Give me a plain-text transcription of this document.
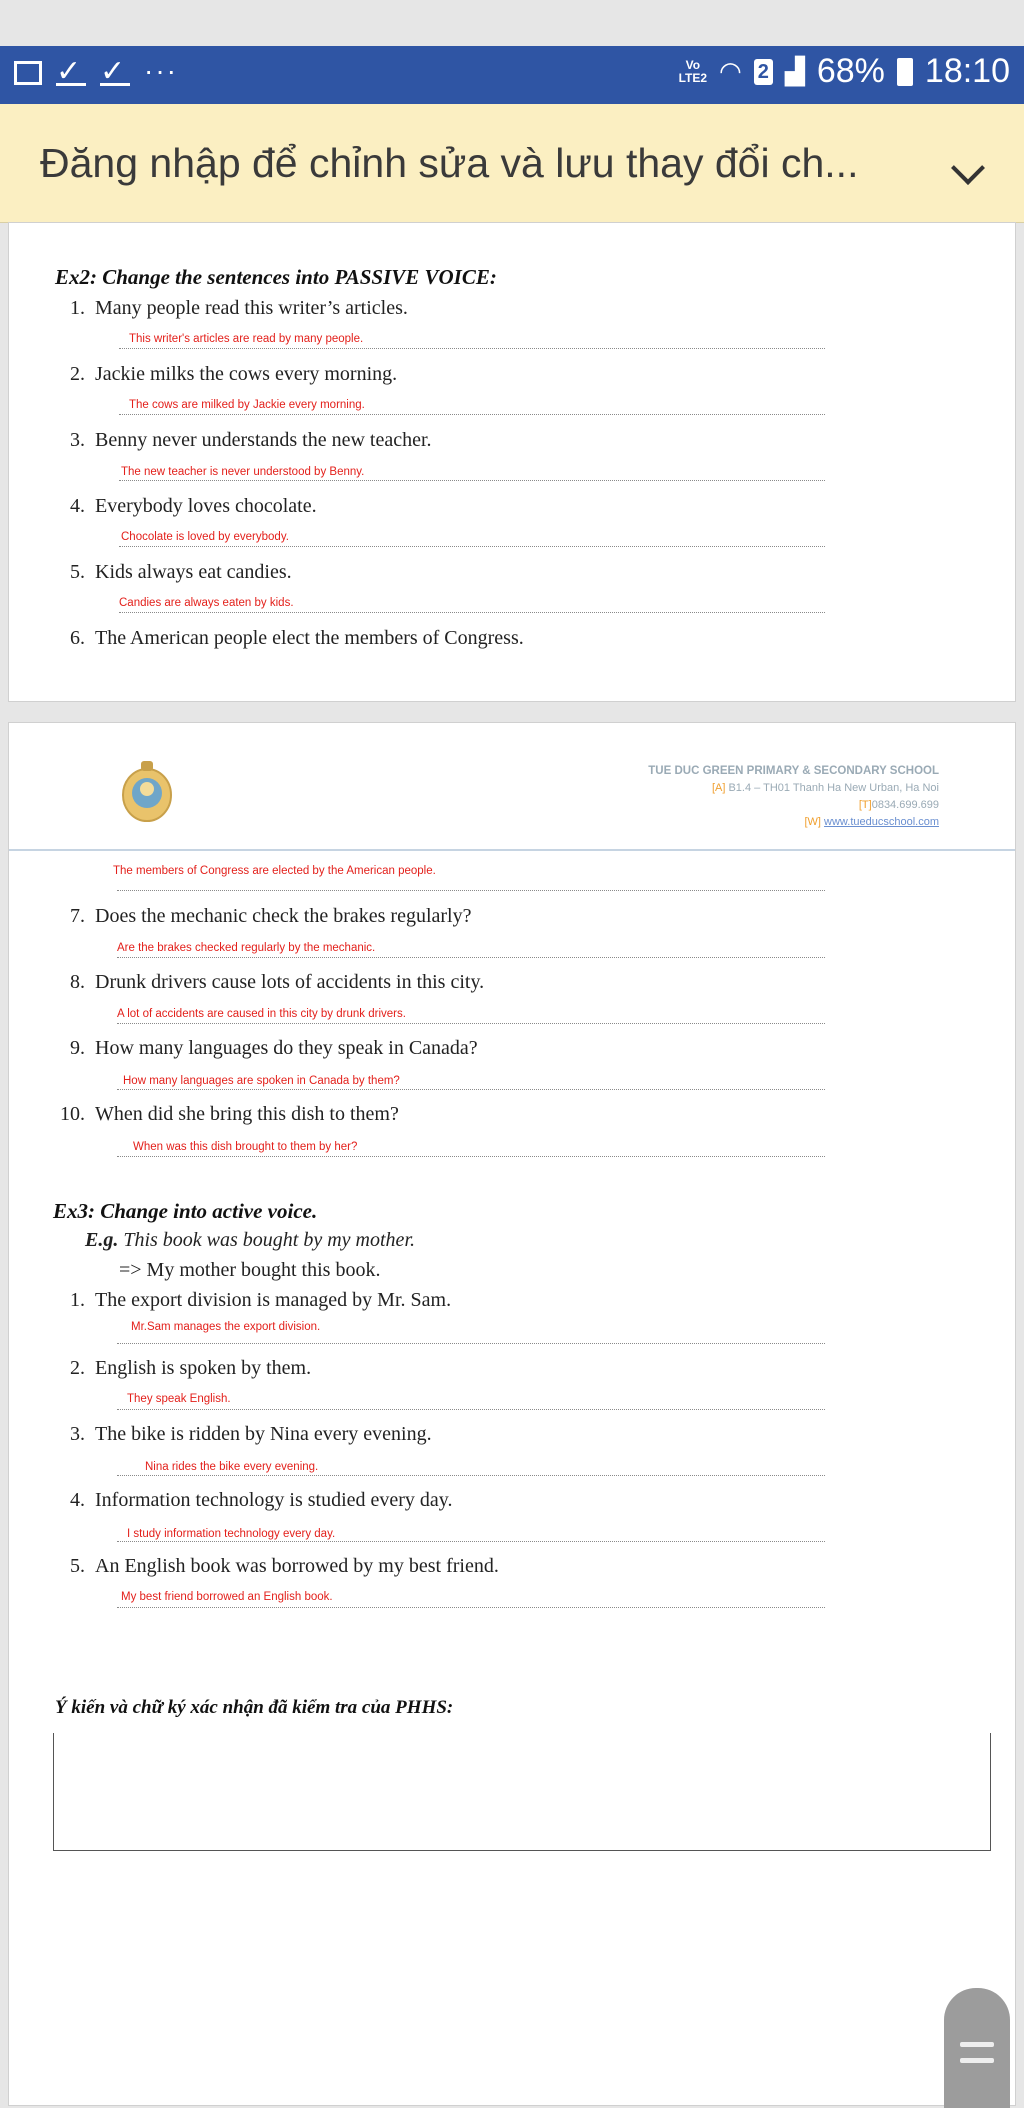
✓ ✓ ···	Vo
LTE2 ◠ 2 ▟ 68% 18:10
Đăng nhập để chỉnh sửa và lưu thay đổi ch...
Ex2: Change the sentences into PASSIVE VOICE:
1. Many people read this writer’s articles.
This writer's articles are read by many people.
2. Jackie milks the cows every morning.
The cows are milked by Jackie every morning.
3. Benny never understands the new teacher.
The new teacher is never understood by Benny.
4. Everybody loves chocolate.
Chocolate is loved by everybody.
5. Kids always eat candies.
Candies are always eaten by kids.
6. The American people elect the members of Congress.
TUE DUC GREEN PRIMARY & SECONDARY SCHOOL
[A] B1.4 – TH01 Thanh Ha New Urban, Ha Noi
[T]0834.699.699
[W] www.tueducschool.com
The members of Congress are elected by the American people.
7. Does the mechanic check the brakes regularly?
Are the brakes checked regularly by the mechanic.
8. Drunk drivers cause lots of accidents in this city.
A lot of accidents are caused in this city by drunk drivers.
9. How many languages do they speak in Canada?
How many languages are spoken in Canada by them?
10. When did she bring this dish to them?
When was this dish brought to them by her?
Ex3: Change into active voice.
E.g. This book was bought by my mother.
=> My mother bought this book.
1. The export division is managed by Mr. Sam.
Mr.Sam manages the export division.
2. English is spoken by them.
They speak English.
3. The bike is ridden by Nina every evening.
Nina rides the bike every evening.
4. Information technology is studied every day.
I study information technology every day.
5. An English book was borrowed by my best friend.
My best friend borrowed an English book.
Ý kiến và chữ ký xác nhận đã kiểm tra của PHHS:
